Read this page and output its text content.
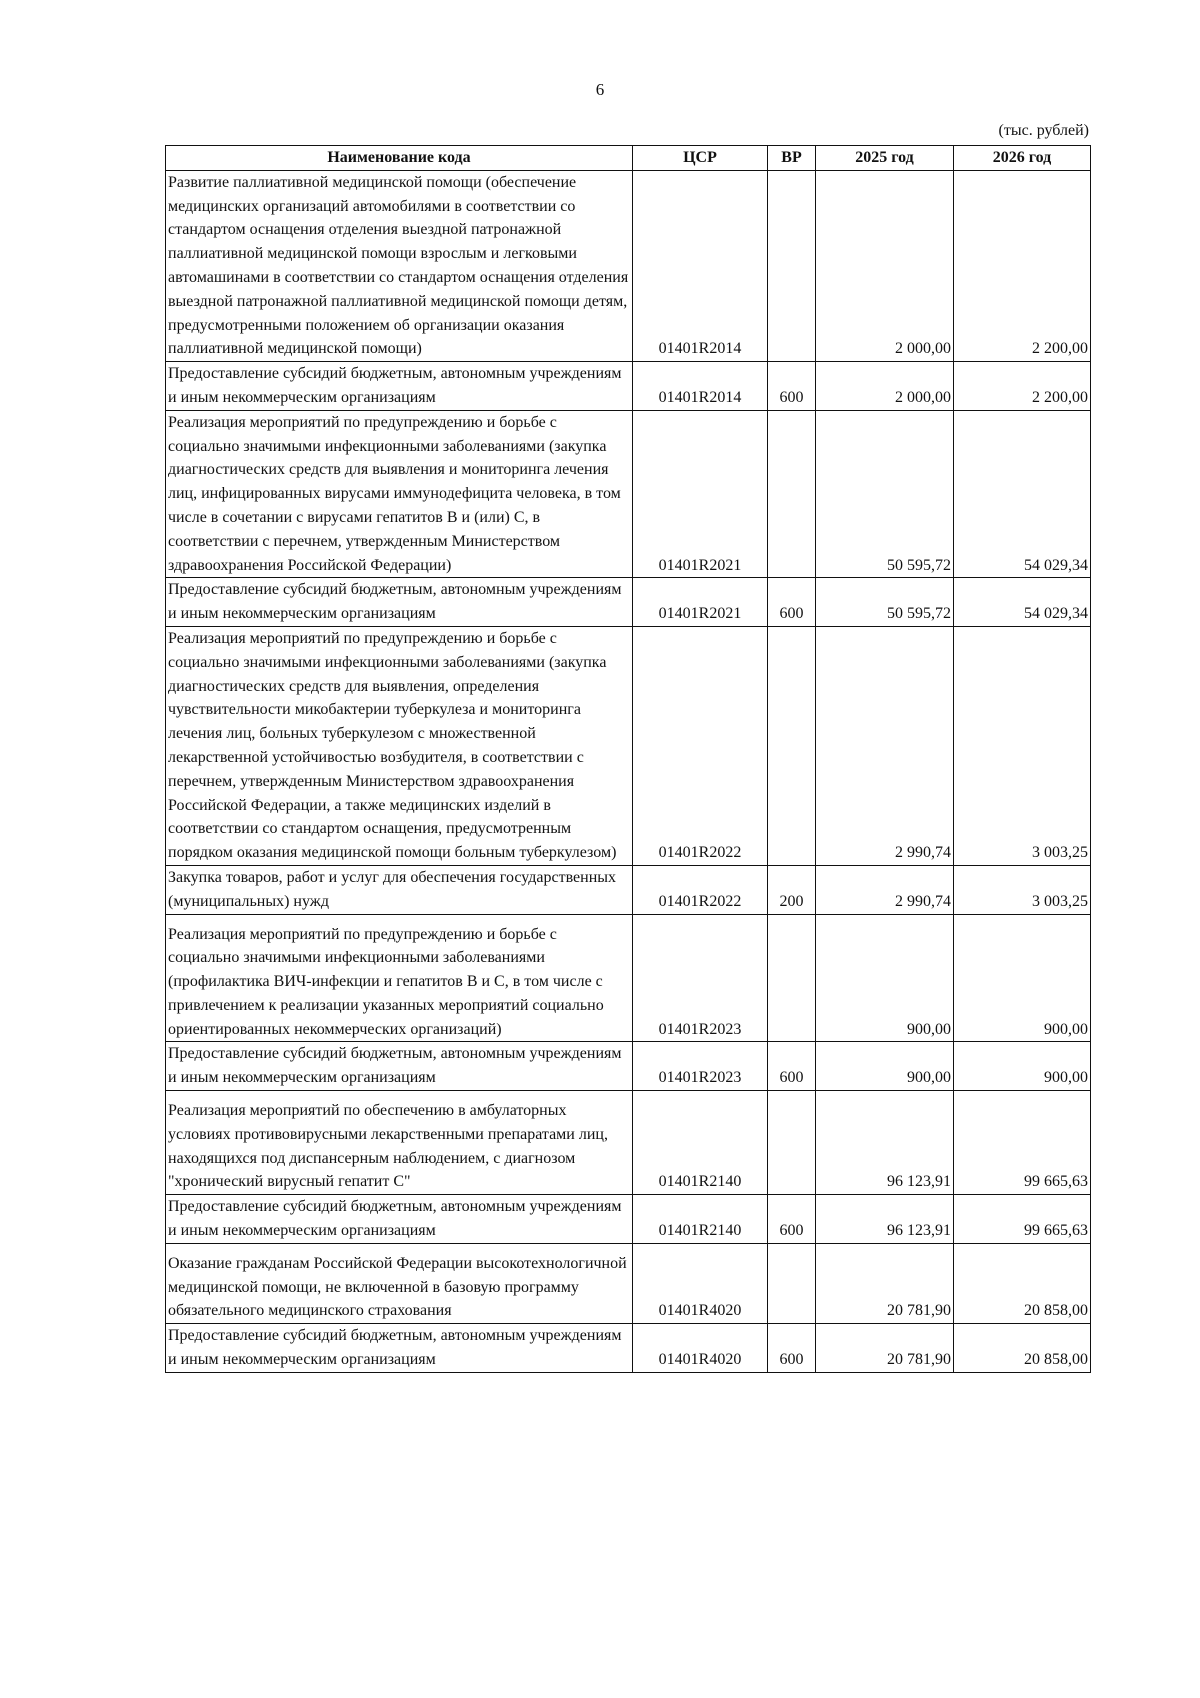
6
(тыс. рублей)
Наименование кода	ЦСР	ВР	2025 год	2026 год
Развитие паллиативной медицинской помощи (обеспечение медицинских организаций автомобилями в соответствии со стандартом оснащения отделения выездной патронажной паллиативной медицинской помощи взрослым и легковыми автомашинами в соответствии со стандартом оснащения отделения выездной патронажной паллиативной медицинской помощи детям, предусмотренными положением об организации оказания паллиативной медицинской помощи)	01401R2014		2 000,00	2 200,00
Предоставление субсидий бюджетным, автономным учреждениям и иным некоммерческим организациям	01401R2014	600	2 000,00	2 200,00
Реализация мероприятий по предупреждению и борьбе с социально значимыми инфекционными заболеваниями (закупка диагностических средств для выявления и мониторинга лечения лиц, инфицированных вирусами иммунодефицита человека, в том числе в сочетании с вирусами гепатитов B и (или) C, в соответствии с перечнем, утвержденным Министерством здравоохранения Российской Федерации)	01401R2021		50 595,72	54 029,34
Предоставление субсидий бюджетным, автономным учреждениям и иным некоммерческим организациям	01401R2021	600	50 595,72	54 029,34
Реализация мероприятий по предупреждению и борьбе с социально значимыми инфекционными заболеваниями (закупка диагностических средств для выявления, определения чувствительности микобактерии туберкулеза и мониторинга лечения лиц, больных туберкулезом с множественной лекарственной устойчивостью возбудителя, в соответствии с перечнем, утвержденным Министерством здравоохранения Российской Федерации, а также медицинских изделий в соответствии со стандартом оснащения, предусмотренным порядком оказания медицинской помощи больным туберкулезом)	01401R2022		2 990,74	3 003,25
Закупка товаров, работ и услуг для обеспечения государственных (муниципальных) нужд	01401R2022	200	2 990,74	3 003,25
Реализация мероприятий по предупреждению и борьбе с социально значимыми инфекционными заболеваниями (профилактика ВИЧ-инфекции и гепатитов B и C, в том числе с привлечением к реализации указанных мероприятий социально ориентированных некоммерческих организаций)	01401R2023		900,00	900,00
Предоставление субсидий бюджетным, автономным учреждениям и иным некоммерческим организациям	01401R2023	600	900,00	900,00
Реализация мероприятий по обеспечению в амбулаторных условиях противовирусными лекарственными препаратами лиц, находящихся под диспансерным наблюдением, с диагнозом "хронический вирусный гепатит C"	01401R2140		96 123,91	99 665,63
Предоставление субсидий бюджетным, автономным учреждениям и иным некоммерческим организациям	01401R2140	600	96 123,91	99 665,63
Оказание гражданам Российской Федерации высокотехнологичной медицинской помощи, не включенной в базовую программу обязательного медицинского страхования	01401R4020		20 781,90	20 858,00
Предоставление субсидий бюджетным, автономным учреждениям и иным некоммерческим организациям	01401R4020	600	20 781,90	20 858,00
